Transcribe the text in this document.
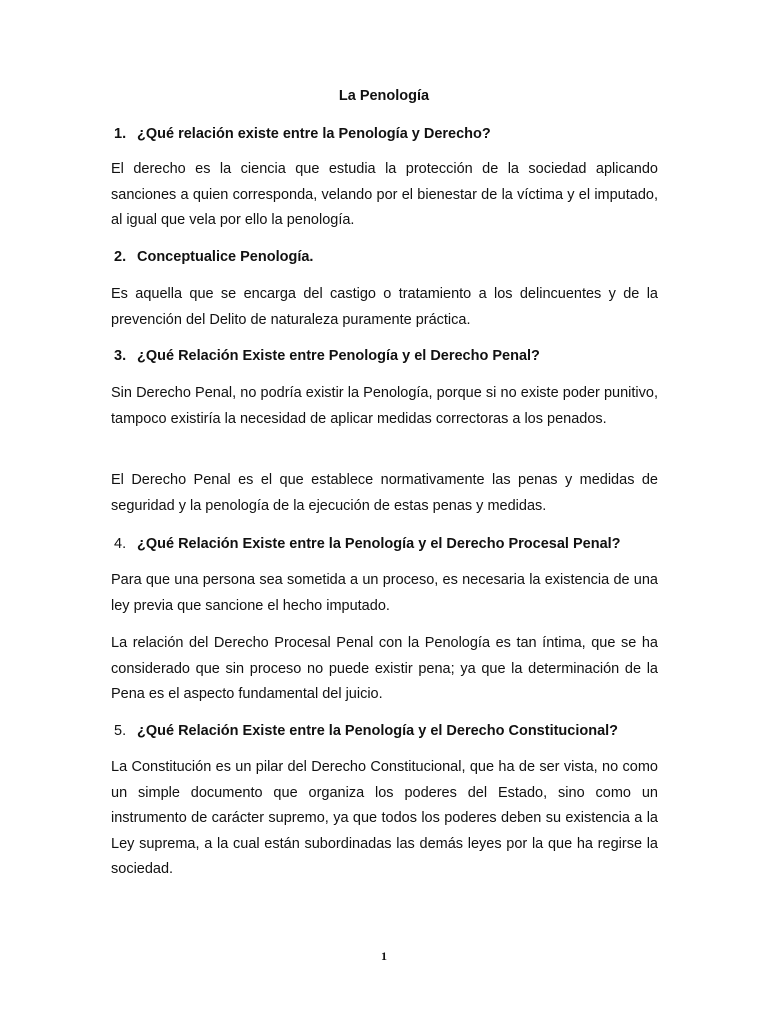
La Penología
1. ¿Qué relación existe entre la Penología y Derecho?

El derecho es la ciencia que estudia la protección de la sociedad aplicando sanciones a quien corresponda, velando por el bienestar de la víctima y el imputado, al igual que vela por ello la penología.

2. Conceptualice Penología.

Es aquella que se encarga del castigo o tratamiento a los delincuentes y de la prevención del Delito de naturaleza puramente práctica.

3. ¿Qué Relación Existe entre Penología y el Derecho Penal?

Sin Derecho Penal, no podría existir la Penología, porque si no existe poder punitivo, tampoco existiría la necesidad de aplicar medidas correctoras a los penados.

El Derecho Penal es el que establece normativamente las penas y medidas de seguridad y la penología de la ejecución de estas penas y medidas.

4. ¿Qué Relación Existe entre la Penología y el Derecho Procesal Penal?

Para que una persona sea sometida a un proceso, es necesaria la existencia de una ley previa que sancione el hecho imputado.

La relación del Derecho Procesal Penal con la Penología es tan íntima, que se ha considerado que sin proceso no puede existir pena; ya que la determinación de la Pena es el aspecto fundamental del juicio.

5. ¿Qué Relación Existe entre la Penología y el Derecho Constitucional?

La Constitución es un pilar del Derecho Constitucional, que ha de ser vista, no como un simple documento que organiza los poderes del Estado, sino como un instrumento de carácter supremo, ya que todos los poderes deben su existencia a la Ley suprema, a la cual están subordinadas las demás leyes por la que ha regirse la sociedad.

1
